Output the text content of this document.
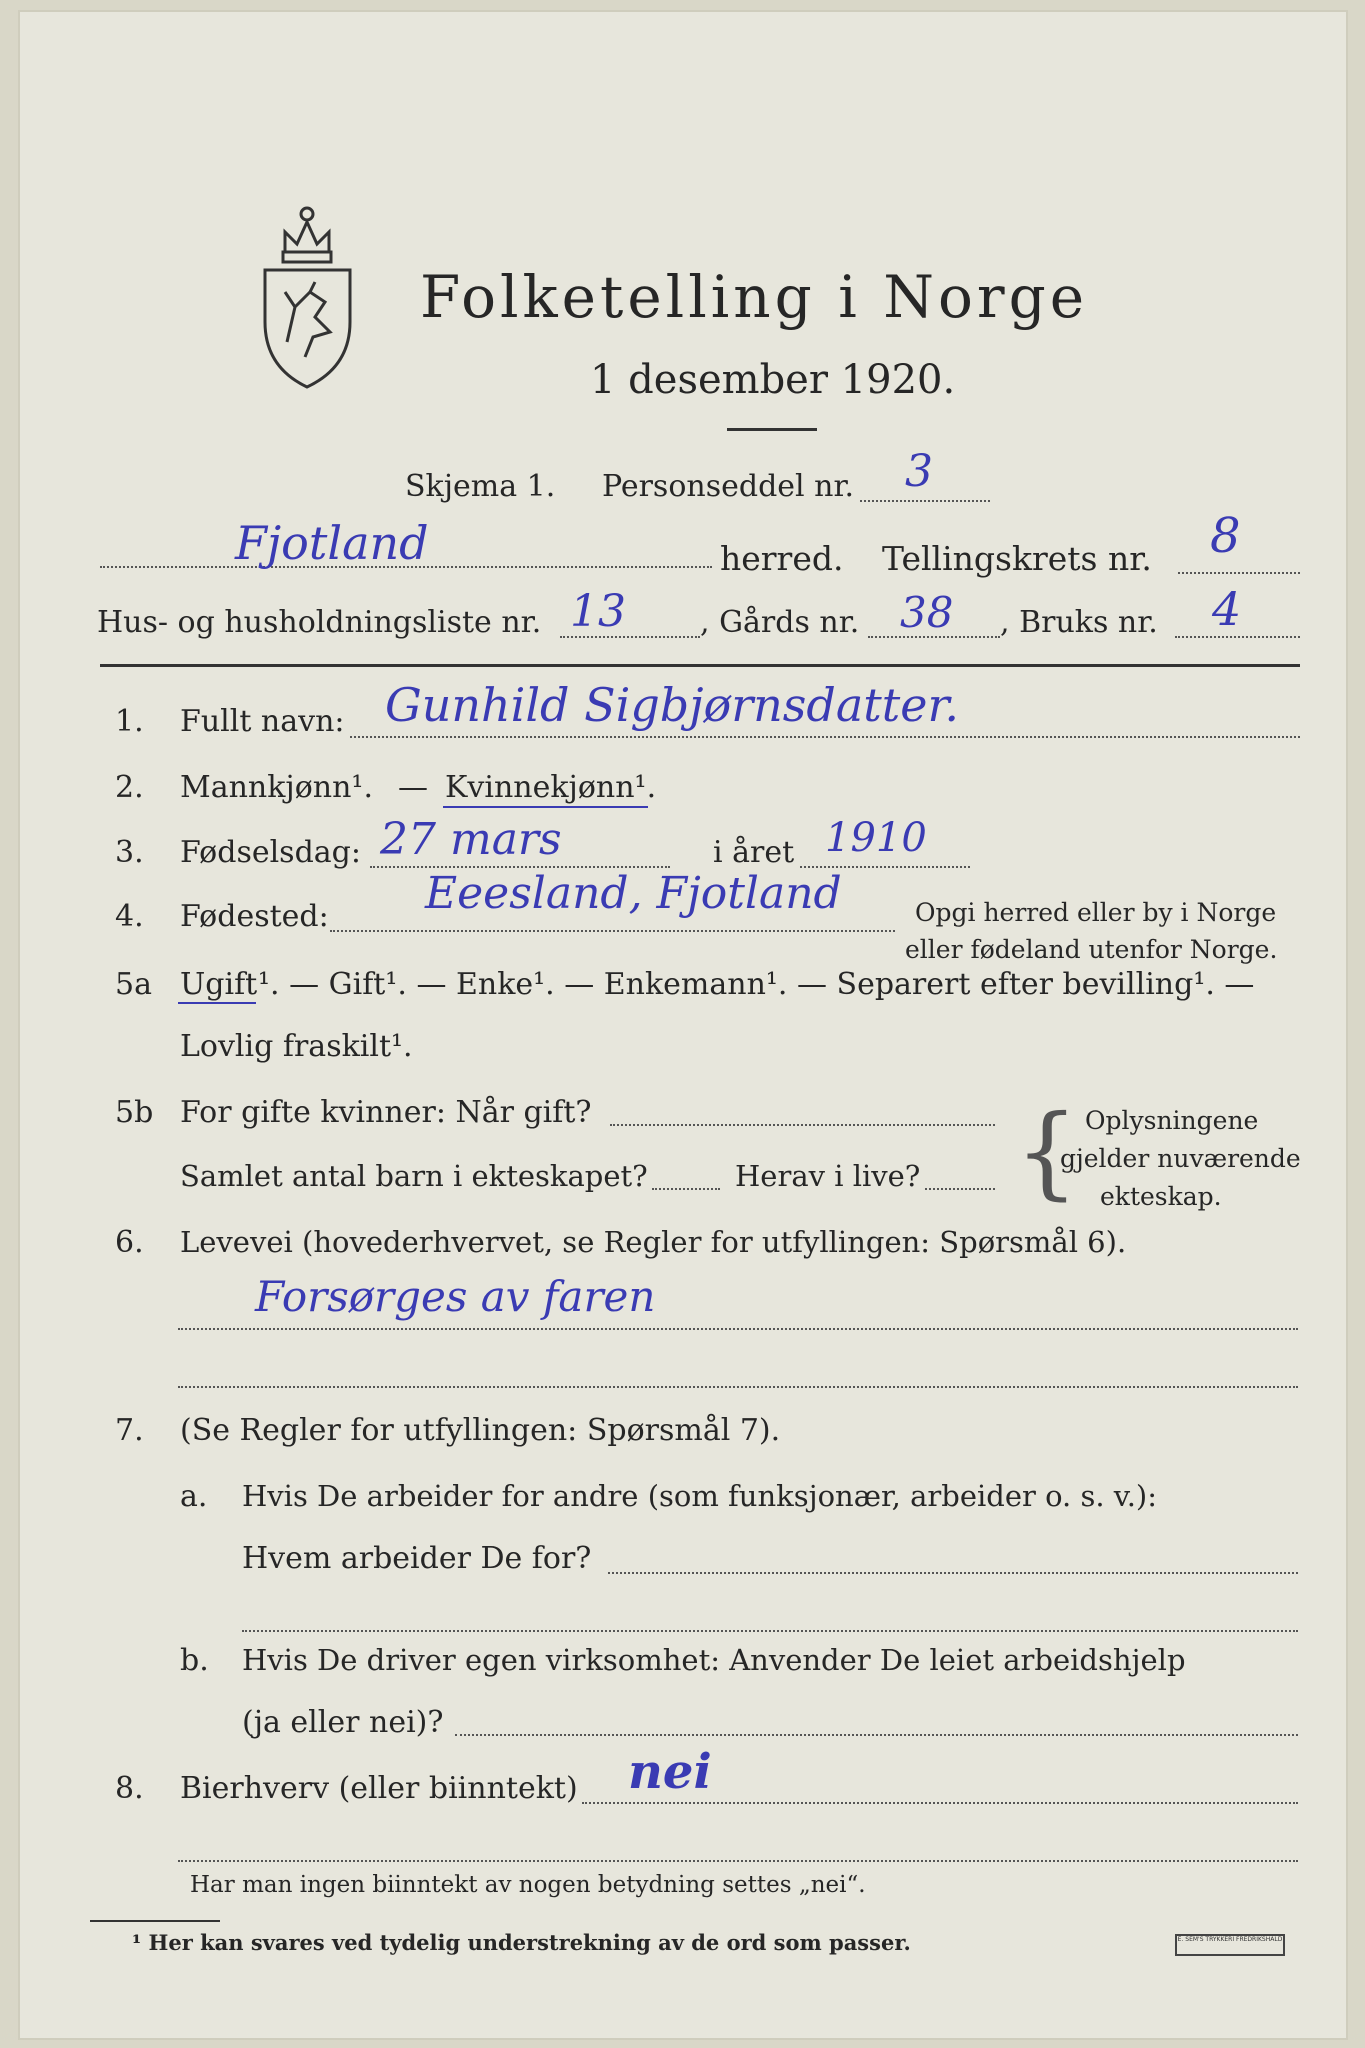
Folketelling i Norge
1 desember 1920.
Skjema 1. Personseddel nr. 3
Fjotland	herred. Tellingskrets nr. 8
Hus- og husholdningsliste nr. 13 , Gårds nr. 38 , Bruks nr. 4
1. Fullt navn: Gunhild Sigbjørnsdatter.
2. Mannkjønn¹. — Kvinnekjønn¹.
3. Fødselsdag: 27 mars	i året 1910
4. Fødested: Eeesland, Fjotland	Opgi herred eller by i Norge
eller fødeland utenfor Norge.
5a Ugift ¹. — Gift¹. — Enke¹. — Enkemann¹. — Separert efter bevilling¹. —
Lovlig fraskilt¹.
5b For gifte kvinner: Når gift?
Samlet antal barn i ekteskapet?	Herav i live? { Oplysningene
gjelder nuværende
ekteskap.
6. Levevei (hovederhvervet, se Regler for utfyllingen: Spørsmål 6).
Forsørges av faren
7. (Se Regler for utfyllingen: Spørsmål 7).
a. Hvis De arbeider for andre (som funksjonær, arbeider o. s. v.):
Hvem arbeider De for?
b. Hvis De driver egen virksomhet: Anvender De leiet arbeidshjelp
(ja eller nei)?
8. Bierhverv (eller biinntekt) nei
Har man ingen biinntekt av nogen betydning settes „nei“.
¹ Her kan svares ved tydelig understrekning av de ord som passer.	E. SEM'S TRYKKERI FREDRIKSHALD
